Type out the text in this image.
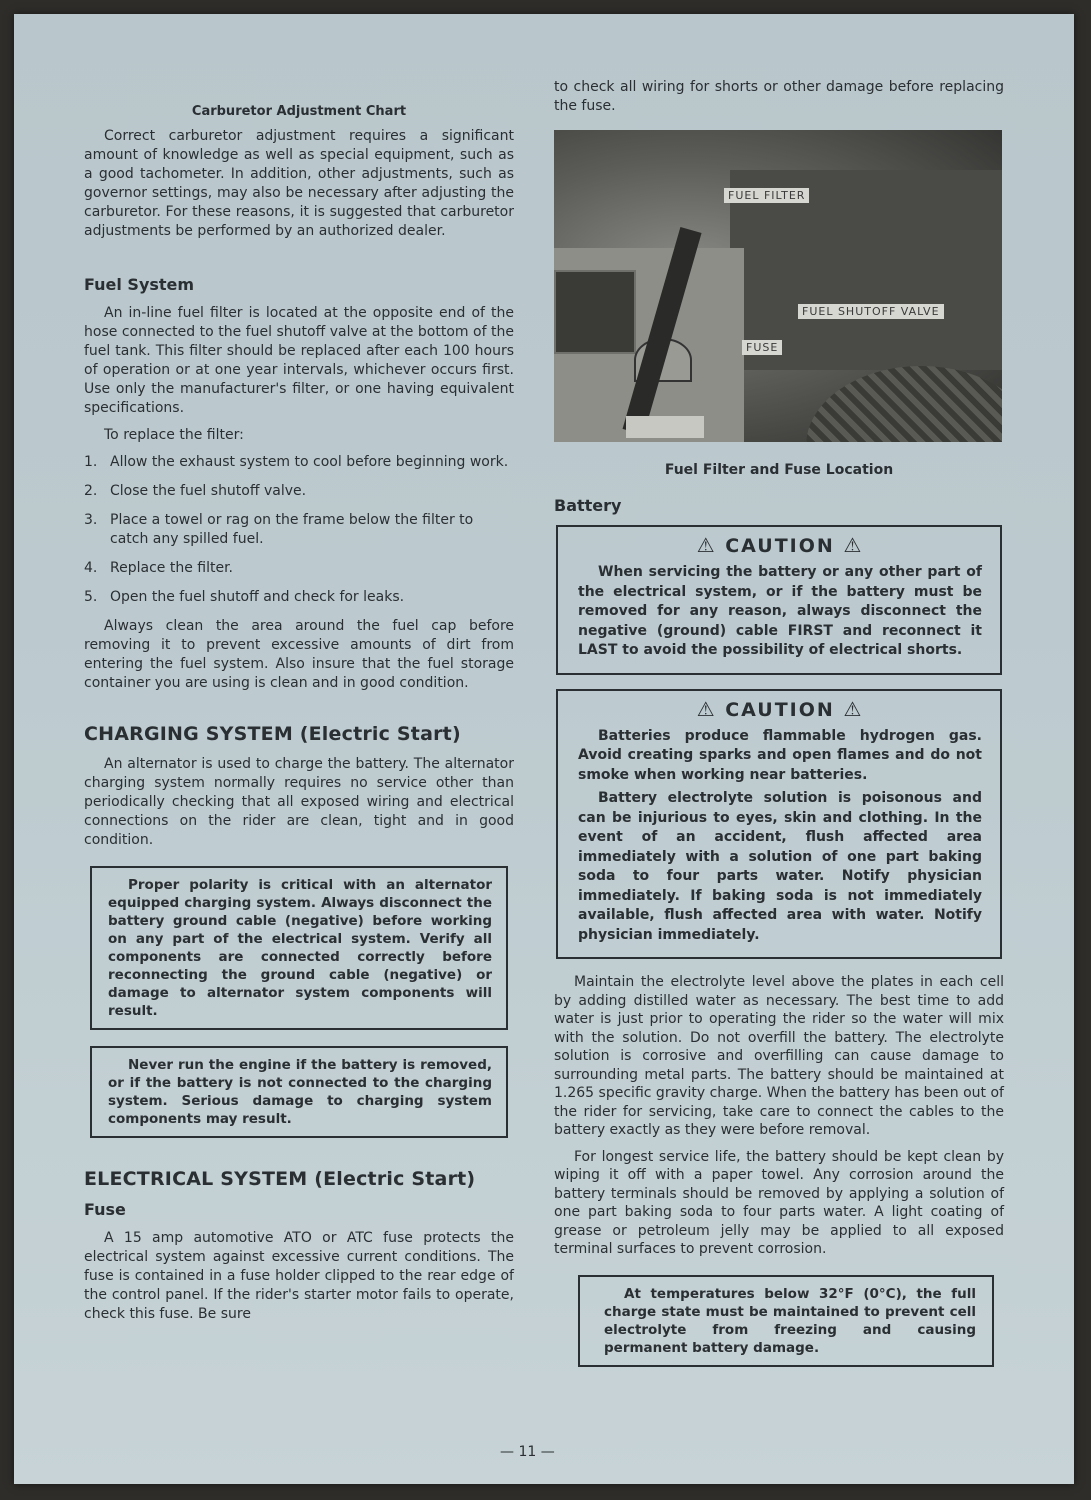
Carburetor Adjustment Chart

Correct carburetor adjustment requires a significant amount of knowledge as well as special equipment, such as a good tachometer. In addition, other adjustments, such as governor settings, may also be necessary after adjusting the carburetor. For these reasons, it is suggested that carburetor adjustments be performed by an authorized dealer.

Fuel System

An in-line fuel filter is located at the opposite end of the hose connected to the fuel shutoff valve at the bottom of the fuel tank. This filter should be replaced after each 100 hours of operation or at one year intervals, whichever occurs first. Use only the manufacturer's filter, or one having equivalent specifications.

To replace the filter:

1. Allow the exhaust system to cool before beginning work.
2. Close the fuel shutoff valve.
3. Place a towel or rag on the frame below the filter to catch any spilled fuel.
4. Replace the filter.
5. Open the fuel shutoff and check for leaks.

Always clean the area around the fuel cap before removing it to prevent excessive amounts of dirt from entering the fuel system. Also insure that the fuel storage container you are using is clean and in good condition.

CHARGING SYSTEM (Electric Start)

An alternator is used to charge the battery. The alternator charging system normally requires no service other than periodically checking that all exposed wiring and electrical connections on the rider are clean, tight and in good condition.

Proper polarity is critical with an alternator equipped charging system. Always disconnect the battery ground cable (negative) before working on any part of the electrical system. Verify all components are connected correctly before reconnecting the ground cable (negative) or damage to alternator system components will result.
Never run the engine if the battery is removed, or if the battery is not connected to the charging system. Serious damage to charging system components may result.
ELECTRICAL SYSTEM (Electric Start)
Fuse

A 15 amp automotive ATO or ATC fuse protects the electrical system against excessive current conditions. The fuse is contained in a fuse holder clipped to the rear edge of the control panel. If the rider's starter motor fails to operate, check this fuse. Be sure

to check all wiring for shorts or other damage before replacing the fuse.

FUEL FILTER
FUEL SHUTOFF VALVE
FUSE
Fuel Filter and Fuse Location
Battery
⚠ CAUTION ⚠

When servicing the battery or any other part of the electrical system, or if the battery must be removed for any reason, always disconnect the negative (ground) cable FIRST and reconnect it LAST to avoid the possibility of electrical shorts.

⚠ CAUTION ⚠

Batteries produce flammable hydrogen gas. Avoid creating sparks and open flames and do not smoke when working near batteries.

Battery electrolyte solution is poisonous and can be injurious to eyes, skin and clothing. In the event of an accident, flush affected area immediately with a solution of one part baking soda to four parts water. Notify physician immediately. If baking soda is not immediately available, flush affected area with water. Notify physician immediately.

Maintain the electrolyte level above the plates in each cell by adding distilled water as necessary. The best time to add water is just prior to operating the rider so the water will mix with the solution. Do not overfill the battery. The electrolyte solution is corrosive and overfilling can cause damage to surrounding metal parts. The battery should be maintained at 1.265 specific gravity charge. When the battery has been out of the rider for servicing, take care to connect the cables to the battery exactly as they were before removal.

For longest service life, the battery should be kept clean by wiping it off with a paper towel. Any corrosion around the battery terminals should be removed by applying a solution of one part baking soda to four parts water. A light coating of grease or petroleum jelly may be applied to all exposed terminal surfaces to prevent corrosion.

At temperatures below 32°F (0°C), the full charge state must be maintained to prevent cell electrolyte from freezing and causing permanent battery damage.
— 11 —
